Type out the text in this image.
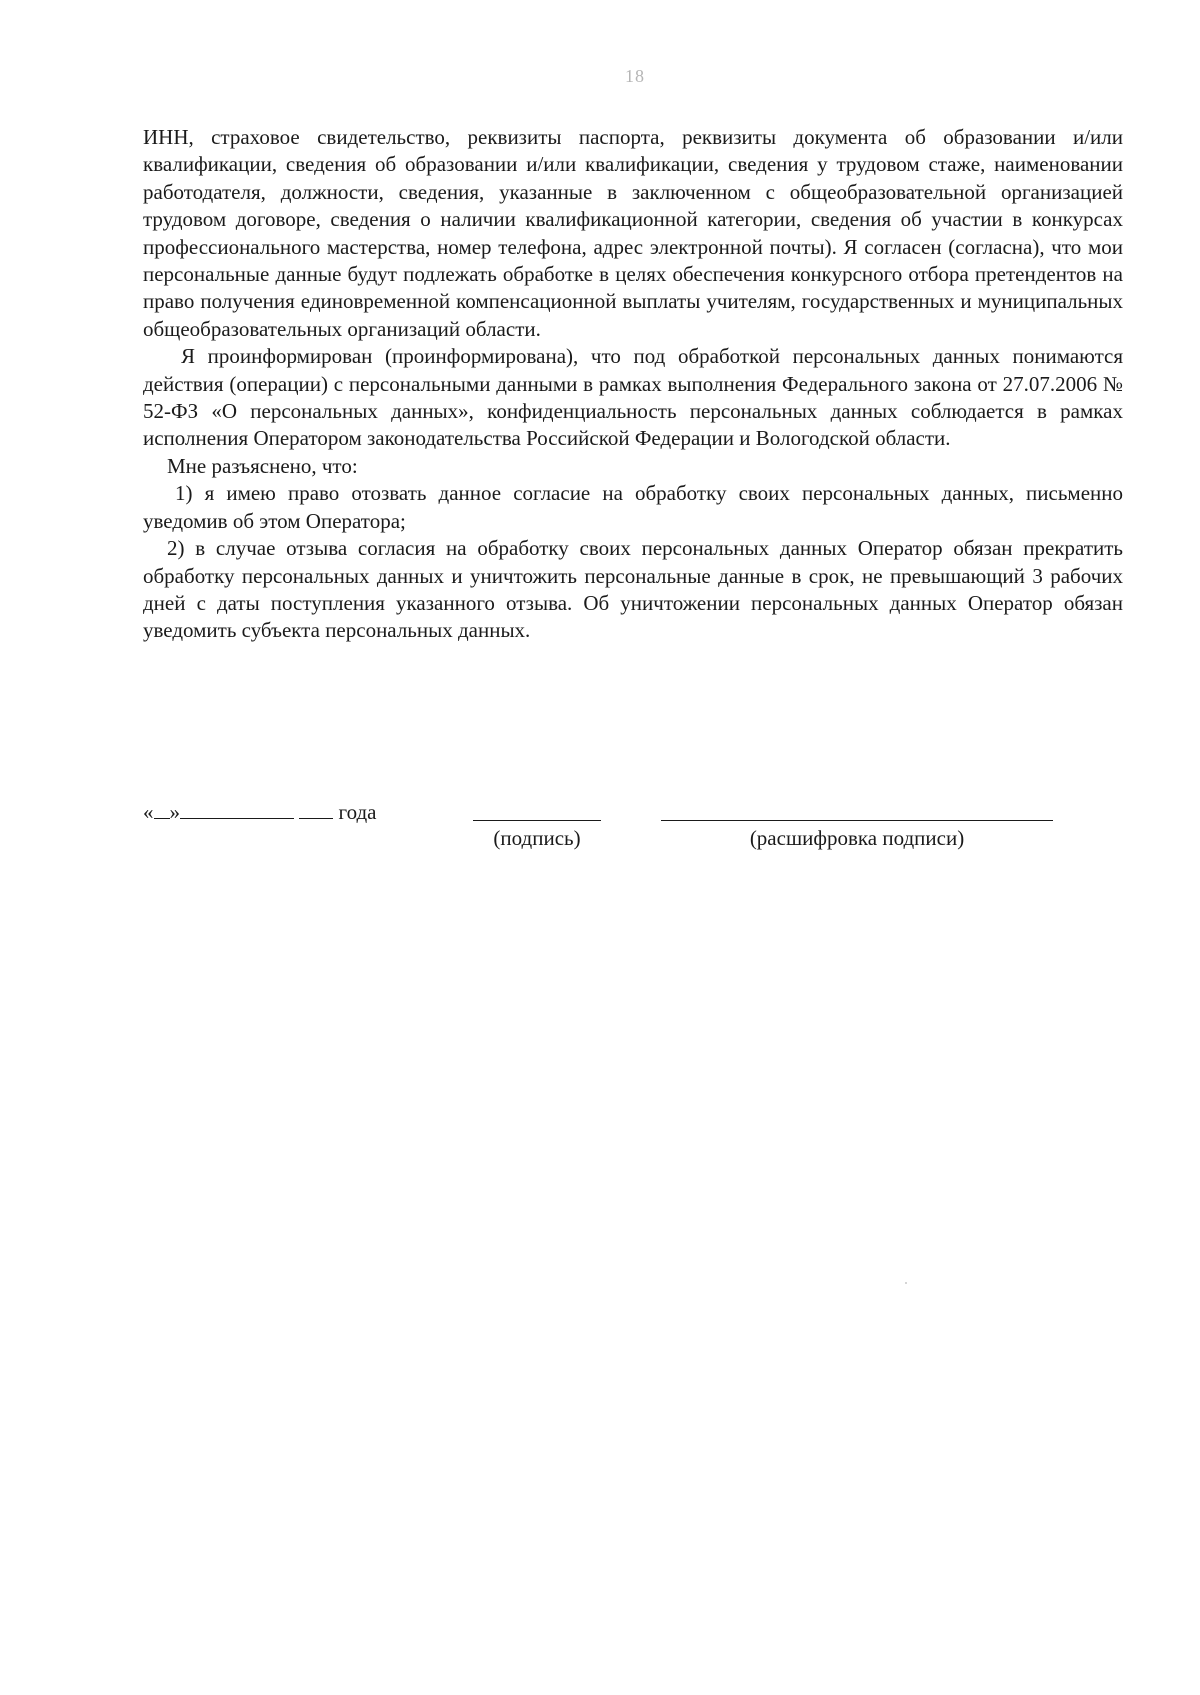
18

ИНН, страховое свидетельство, реквизиты паспорта, реквизиты документа об образовании и/или квалификации, сведения об образовании и/или квалификации, сведения у трудовом стаже, наименовании работодателя, должности, сведения, указанные в заключенном с общеобразовательной организацией трудовом договоре, сведения о наличии квалификационной категории, сведения об участии в конкурсах профессионального мастерства, номер телефона, адрес электронной почты). Я согласен (согласна), что мои персональные данные будут подлежать обработке в целях обеспечения конкурсного отбора претендентов на право получения единовременной компенсационной выплаты учителям, государственных и муниципальных общеобразовательных организаций области.

Я проинформирован (проинформирована), что под обработкой персональных данных понимаются действия (операции) с персональными данными в рамках выполнения Федерального закона от 27.07.2006 № 52-ФЗ «О персональных данных», конфиденциальность персональных данных соблюдается в рамках исполнения Оператором законодательства Российской Федерации и Вологодской области.

Мне разъяснено, что:

1) я имею право отозвать данное согласие на обработку своих персональных данных, письменно уведомив об этом Оператора;

2) в случае отзыва согласия на обработку своих персональных данных Оператор обязан прекратить обработку персональных данных и уничтожить персональные данные в срок, не превышающий 3 рабочих дней с даты поступления указанного отзыва. Об уничтожении персональных данных Оператор обязан уведомить субъекта персональных данных.

« »	года
(подпись)	(расшифровка подписи)
